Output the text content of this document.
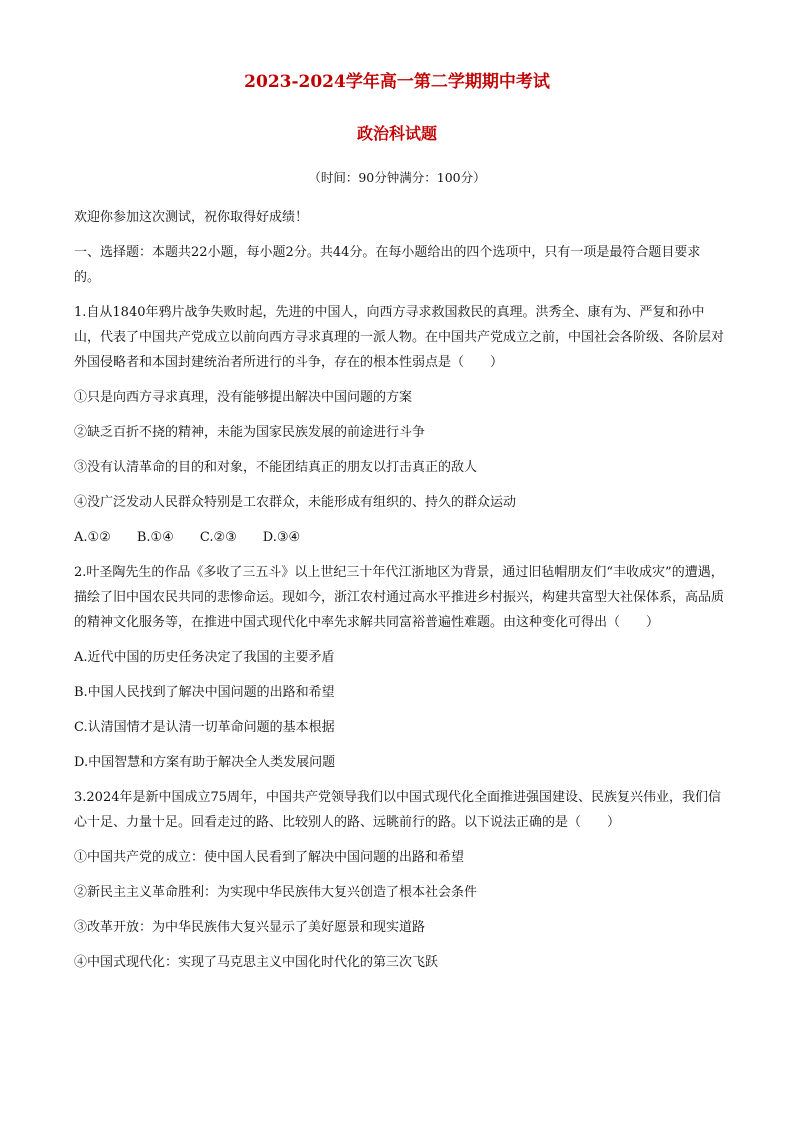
2023-2024学年高一第二学期期中考试
政治科试题
（时间：90分钟满分：100分）

欢迎你参加这次测试，祝你取得好成绩！

一、选择题：本题共22小题，每小题2分。共44分。在每小题给出的四个选项中，只有一项是最符合题目要求的。

1.自从1840年鸦片战争失败时起，先进的中国人，向西方寻求救国救民的真理。洪秀全、康有为、严复和孙中山，代表了中国共产党成立以前向西方寻求真理的一派人物。在中国共产党成立之前，中国社会各阶级、各阶层对外国侵略者和本国封建统治者所进行的斗争，存在的根本性弱点是（　　）

①只是向西方寻求真理，没有能够提出解决中国问题的方案

②缺乏百折不挠的精神，未能为国家民族发展的前途进行斗争

③没有认清革命的目的和对象，不能团结真正的朋友以打击真正的敌人

④没广泛发动人民群众特别是工农群众，未能形成有组织的、持久的群众运动

A.①② B.①④ C.②③ D.③④

2.叶圣陶先生的作品《多收了三五斗》以上世纪三十年代江浙地区为背景，通过旧毡帽朋友们“丰收成灾”的遭遇，描绘了旧中国农民共同的悲惨命运。现如今，浙江农村通过高水平推进乡村振兴，构建共富型大社保体系，高品质的精神文化服务等，在推进中国式现代化中率先求解共同富裕普遍性难题。由这种变化可得出（　　）

A.近代中国的历史任务决定了我国的主要矛盾

B.中国人民找到了解决中国问题的出路和希望

C.认清国情才是认清一切革命问题的基本根据

D.中国智慧和方案有助于解决全人类发展问题

3.2024年是新中国成立75周年，中国共产党领导我们以中国式现代化全面推进强国建设、民族复兴伟业，我们信心十足、力量十足。回看走过的路、比较别人的路、远眺前行的路。以下说法正确的是（　　）

①中国共产党的成立：使中国人民看到了解决中国问题的出路和希望

②新民主主义革命胜利：为实现中华民族伟大复兴创造了根本社会条件

③改革开放：为中华民族伟大复兴显示了美好愿景和现实道路

④中国式现代化：实现了马克思主义中国化时代化的第三次飞跃
